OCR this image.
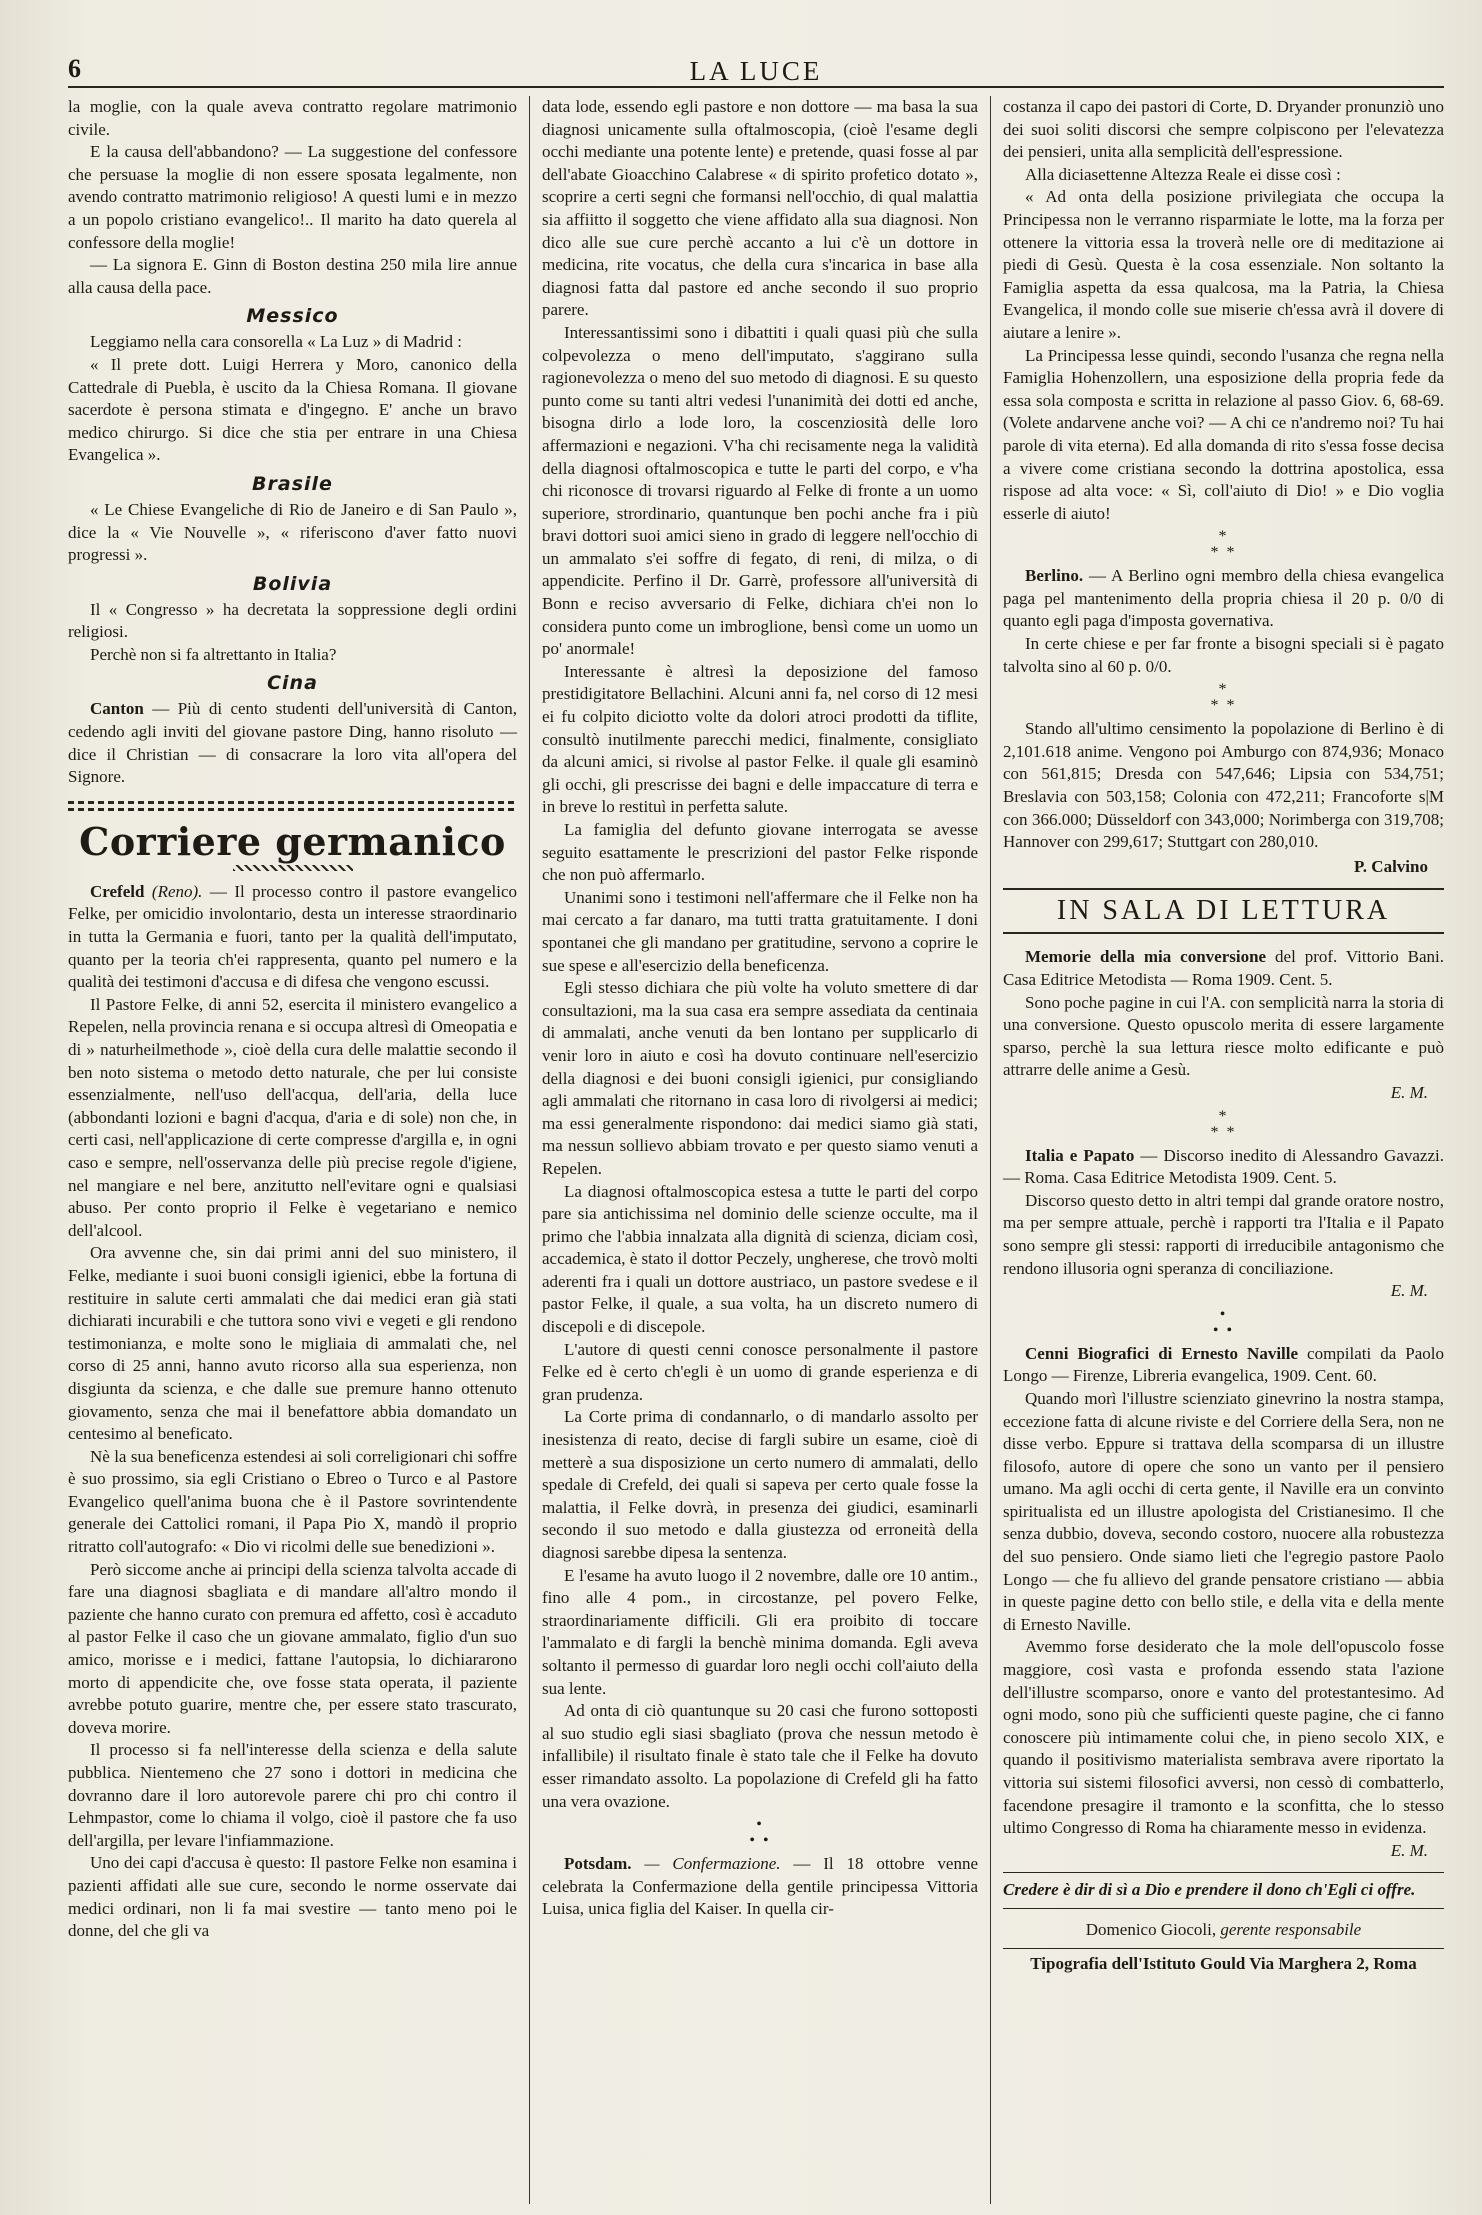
6	LA LUCE

la moglie, con la quale aveva contratto regolare matrimonio civile.

E la causa dell'abbandono? — La suggestione del confessore che persuase la moglie di non essere sposata legalmente, non avendo contratto matrimonio religioso! A questi lumi e in mezzo a un popolo cristiano evangelico!.. Il marito ha dato querela al confessore della moglie!

— La signora E. Ginn di Boston destina 250 mila lire annue alla causa della pace.

Messico

Leggiamo nella cara consorella « La Luz » di Madrid :

« Il prete dott. Luigi Herrera y Moro, canonico della Cattedrale di Puebla, è uscito da la Chiesa Romana. Il giovane sacerdote è persona stimata e d'ingegno. E' anche un bravo medico chirurgo. Si dice che stia per entrare in una Chiesa Evangelica ».

Brasile

« Le Chiese Evangeliche di Rio de Janeiro e di San Paulo », dice la « Vie Nouvelle », « riferiscono d'aver fatto nuovi progressi ».

Bolivia

Il « Congresso » ha decretata la soppressione degli ordini religiosi.

Perchè non si fa altrettanto in Italia?

Cina

Canton — Più di cento studenti dell'università di Canton, cedendo agli inviti del giovane pastore Ding, hanno risoluto — dice il Christian — di consacrare la loro vita all'opera del Signore.

Corriere germanico

Crefeld (Reno). — Il processo contro il pastore evangelico Felke, per omicidio involontario, desta un interesse straordinario in tutta la Germania e fuori, tanto per la qualità dell'imputato, quanto per la teoria ch'ei rappresenta, quanto pel numero e la qualità dei testimoni d'accusa e di difesa che vengono escussi.

Il Pastore Felke, di anni 52, esercita il ministero evangelico a Repelen, nella provincia renana e si occupa altresì di Omeopatia e di » naturheilmethode », cioè della cura delle malattie secondo il ben noto sistema o metodo detto naturale, che per lui consiste essenzialmente, nell'uso dell'acqua, dell'aria, della luce (abbondanti lozioni e bagni d'acqua, d'aria e di sole) non che, in certi casi, nell'applicazione di certe compresse d'argilla e, in ogni caso e sempre, nell'osservanza delle più precise regole d'igiene, nel mangiare e nel bere, anzitutto nell'evitare ogni e qualsiasi abuso. Per conto proprio il Felke è vegetariano e nemico dell'alcool.

Ora avvenne che, sin dai primi anni del suo ministero, il Felke, mediante i suoi buoni consigli igienici, ebbe la fortuna di restituire in salute certi ammalati che dai medici eran già stati dichiarati incurabili e che tuttora sono vivi e vegeti e gli rendono testimonianza, e molte sono le migliaia di ammalati che, nel corso di 25 anni, hanno avuto ricorso alla sua esperienza, non disgiunta da scienza, e che dalle sue premure hanno ottenuto giovamento, senza che mai il benefattore abbia domandato un centesimo al beneficato.

Nè la sua beneficenza estendesi ai soli correligionari chi soffre è suo prossimo, sia egli Cristiano o Ebreo o Turco e al Pastore Evangelico quell'anima buona che è il Pastore sovrintendente generale dei Cattolici romani, il Papa Pio X, mandò il proprio ritratto coll'autografo: « Dio vi ricolmi delle sue benedizioni ».

Però siccome anche ai principi della scienza talvolta accade di fare una diagnosi sbagliata e di mandare all'altro mondo il paziente che hanno curato con premura ed affetto, così è accaduto al pastor Felke il caso che un giovane ammalato, figlio d'un suo amico, morisse e i medici, fattane l'autopsia, lo dichiararono morto di appendicite che, ove fosse stata operata, il paziente avrebbe potuto guarire, mentre che, per essere stato trascurato, doveva morire.

Il processo si fa nell'interesse della scienza e della salute pubblica. Nientemeno che 27 sono i dottori in medicina che dovranno dare il loro autorevole parere chi pro chi contro il Lehmpastor, come lo chiama il volgo, cioè il pastore che fa uso dell'argilla, per levare l'infiammazione.

Uno dei capi d'accusa è questo: Il pastore Felke non esamina i pazienti affidati alle sue cure, secondo le norme osservate dai medici ordinari, non li fa mai svestire — tanto meno poi le donne, del che gli va

data lode, essendo egli pastore e non dottore — ma basa la sua diagnosi unicamente sulla oftalmoscopia, (cioè l'esame degli occhi mediante una potente lente) e pretende, quasi fosse al par dell'abate Gioacchino Calabrese « di spirito profetico dotato », scoprire a certi segni che formansi nell'occhio, di qual malattia sia affiitto il soggetto che viene affidato alla sua diagnosi. Non dico alle sue cure perchè accanto a lui c'è un dottore in medicina, rite vocatus, che della cura s'incarica in base alla diagnosi fatta dal pastore ed anche secondo il suo proprio parere.

Interessantissimi sono i dibattiti i quali quasi più che sulla colpevolezza o meno dell'imputato, s'aggirano sulla ragionevolezza o meno del suo metodo di diagnosi. E su questo punto come su tanti altri vedesi l'unanimità dei dotti ed anche, bisogna dirlo a lode loro, la coscenziosità delle loro affermazioni e negazioni. V'ha chi recisamente nega la validità della diagnosi oftalmoscopica e tutte le parti del corpo, e v'ha chi riconosce di trovarsi riguardo al Felke di fronte a un uomo superiore, strordinario, quantunque ben pochi anche fra i più bravi dottori suoi amici sieno in grado di leggere nell'occhio di un ammalato s'ei soffre di fegato, di reni, di milza, o di appendicite. Perfino il Dr. Garrè, professore all'università di Bonn e reciso avversario di Felke, dichiara ch'ei non lo considera punto come un imbroglione, bensì come un uomo un po' anormale!

Interessante è altresì la deposizione del famoso prestidigitatore Bellachini. Alcuni anni fa, nel corso di 12 mesi ei fu colpito diciotto volte da dolori atroci prodotti da tiflite, consultò inutilmente parecchi medici, finalmente, consigliato da alcuni amici, si rivolse al pastor Felke. il quale gli esaminò gli occhi, gli prescrisse dei bagni e delle impaccature di terra e in breve lo restituì in perfetta salute.

La famiglia del defunto giovane interrogata se avesse seguito esattamente le prescrizioni del pastor Felke risponde che non può affermarlo.

Unanimi sono i testimoni nell'affermare che il Felke non ha mai cercato a far danaro, ma tutti tratta gratuitamente. I doni spontanei che gli mandano per gratitudine, servono a coprire le sue spese e all'esercizio della beneficenza.

Egli stesso dichiara che più volte ha voluto smettere di dar consultazioni, ma la sua casa era sempre assediata da centinaia di ammalati, anche venuti da ben lontano per supplicarlo di venir loro in aiuto e così ha dovuto continuare nell'esercizio della diagnosi e dei buoni consigli igienici, pur consigliando agli ammalati che ritornano in casa loro di rivolgersi ai medici; ma essi generalmente rispondono: dai medici siamo già stati, ma nessun sollievo abbiam trovato e per questo siamo venuti a Repelen.

La diagnosi oftalmoscopica estesa a tutte le parti del corpo pare sia antichissima nel dominio delle scienze occulte, ma il primo che l'abbia innalzata alla dignità di scienza, diciam così, accademica, è stato il dottor Peczely, ungherese, che trovò molti aderenti fra i quali un dottore austriaco, un pastore svedese e il pastor Felke, il quale, a sua volta, ha un discreto numero di discepoli e di discepole.

L'autore di questi cenni conosce personalmente il pastore Felke ed è certo ch'egli è un uomo di grande esperienza e di gran prudenza.

La Corte prima di condannarlo, o di mandarlo assolto per inesistenza di reato, decise di fargli subire un esame, cioè di metterè a sua disposizione un certo numero di ammalati, dello spedale di Crefeld, dei quali si sapeva per certo quale fosse la malattia, il Felke dovrà, in presenza dei giudici, esaminarli secondo il suo metodo e dalla giustezza od erroneità della diagnosi sarebbe dipesa la sentenza.

E l'esame ha avuto luogo il 2 novembre, dalle ore 10 antim., fino alle 4 pom., in circostanze, pel povero Felke, straordinariamente difficili. Gli era proibito di toccare l'ammalato e di fargli la benchè minima domanda. Egli aveva soltanto il permesso di guardar loro negli occhi coll'aiuto della sua lente.

Ad onta di ciò quantunque su 20 casi che furono sottoposti al suo studio egli siasi sbagliato (prova che nessun metodo è infallibile) il risultato finale è stato tale che il Felke ha dovuto esser rimandato assolto. La popolazione di Crefeld gli ha fatto una vera ovazione.

•
• •

Potsdam. — Confermazione. — Il 18 ottobre venne celebrata la Confermazione della gentile principessa Vittoria Luisa, unica figlia del Kaiser. In quella cir-

costanza il capo dei pastori di Corte, D. Dryander pronunziò uno dei suoi soliti discorsi che sempre colpiscono per l'elevatezza dei pensieri, unita alla semplicità dell'espressione.

Alla diciasettenne Altezza Reale ei disse così :

« Ad onta della posizione privilegiata che occupa la Principessa non le verranno risparmiate le lotte, ma la forza per ottenere la vittoria essa la troverà nelle ore di meditazione ai piedi di Gesù. Questa è la cosa essenziale. Non soltanto la Famiglia aspetta da essa qualcosa, ma la Patria, la Chiesa Evangelica, il mondo colle sue miserie ch'essa avrà il dovere di aiutare a lenire ».

La Principessa lesse quindi, secondo l'usanza che regna nella Famiglia Hohenzollern, una esposizione della propria fede da essa sola composta e scritta in relazione al passo Giov. 6, 68-69. (Volete andarvene anche voi? — A chi ce n'andremo noi? Tu hai parole di vita eterna). Ed alla domanda di rito s'essa fosse decisa a vivere come cristiana secondo la dottrina apostolica, essa rispose ad alta voce: « Sì, coll'aiuto di Dio! » e Dio voglia esserle di aiuto!

*
* *

Berlino. — A Berlino ogni membro della chiesa evangelica paga pel mantenimento della propria chiesa il 20 p. 0/0 di quanto egli paga d'imposta governativa.

In certe chiese e per far fronte a bisogni speciali si è pagato talvolta sino al 60 p. 0/0.

*
* *

Stando all'ultimo censimento la popolazione di Berlino è di 2,101.618 anime. Vengono poi Amburgo con 874,936; Monaco con 561,815; Dresda con 547,646; Lipsia con 534,751; Breslavia con 503,158; Colonia con 472,211; Francoforte s|M con 366.000; Düsseldorf con 343,000; Norimberga con 319,708; Hannover con 299,617; Stuttgart con 280,010.

P. Calvino
IN SALA DI LETTURA

Memorie della mia conversione del prof. Vittorio Bani. Casa Editrice Metodista — Roma 1909. Cent. 5.

Sono poche pagine in cui l'A. con semplicità narra la storia di una conversione. Questo opuscolo merita di essere largamente sparso, perchè la sua lettura riesce molto edificante e può attrarre delle anime a Gesù.

E. M.
*
* *

Italia e Papato — Discorso inedito di Alessandro Gavazzi. — Roma. Casa Editrice Metodista 1909. Cent. 5.

Discorso questo detto in altri tempi dal grande oratore nostro, ma per sempre attuale, perchè i rapporti tra l'Italia e il Papato sono sempre gli stessi: rapporti di irreducibile antagonismo che rendono illusoria ogni speranza di conciliazione.

E. M.
•
• •

Cenni Biografici di Ernesto Naville compilati da Paolo Longo — Firenze, Libreria evangelica, 1909. Cent. 60.

Quando morì l'illustre scienziato ginevrino la nostra stampa, eccezione fatta di alcune riviste e del Corriere della Sera, non ne disse verbo. Eppure si trattava della scomparsa di un illustre filosofo, autore di opere che sono un vanto per il pensiero umano. Ma agli occhi di certa gente, il Naville era un convinto spiritualista ed un illustre apologista del Cristianesimo. Il che senza dubbio, doveva, secondo costoro, nuocere alla robustezza del suo pensiero. Onde siamo lieti che l'egregio pastore Paolo Longo — che fu allievo del grande pensatore cristiano — abbia in queste pagine detto con bello stile, e della vita e della mente di Ernesto Naville.

Avemmo forse desiderato che la mole dell'opuscolo fosse maggiore, così vasta e profonda essendo stata l'azione dell'illustre scomparso, onore e vanto del protestantesimo. Ad ogni modo, sono più che sufficienti queste pagine, che ci fanno conoscere più intimamente colui che, in pieno secolo XIX, e quando il positivismo materialista sembrava avere riportato la vittoria sui sistemi filosofici avversi, non cessò di combatterlo, facendone presagire il tramonto e la sconfitta, che lo stesso ultimo Congresso di Roma ha chiaramente messo in evidenza.

E. M.
Credere è dir di sì a Dio e prendere il dono ch'Egli ci offre.
Domenico Giocoli, gerente responsabile
Tipografia dell'Istituto Gould Via Marghera 2, Roma
